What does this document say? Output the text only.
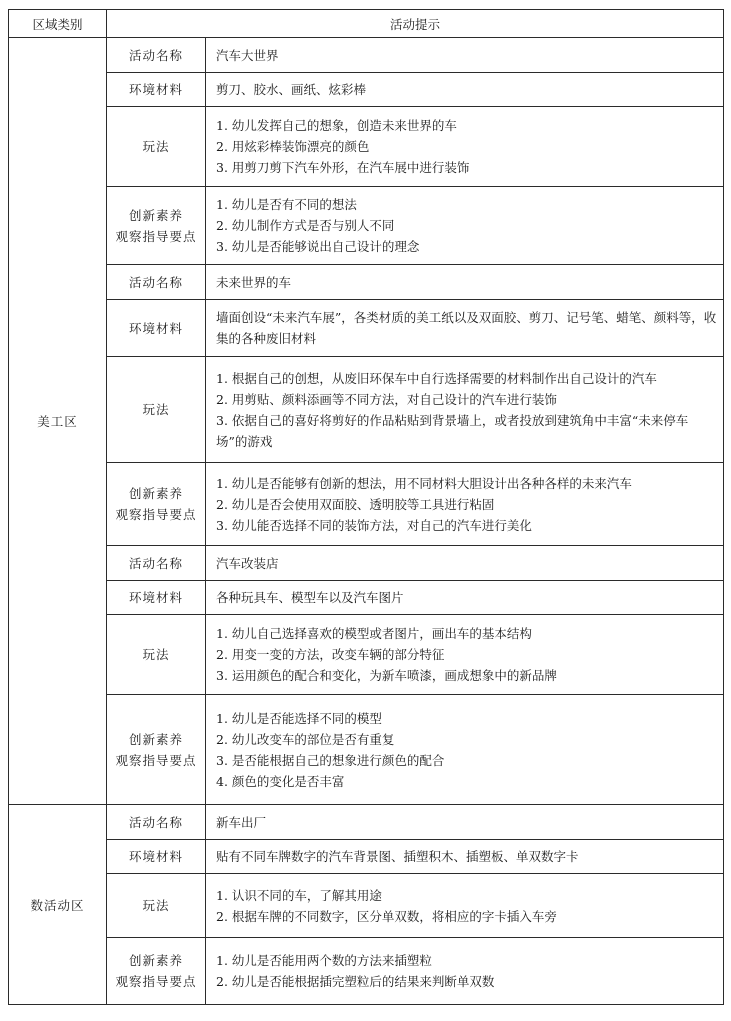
区域类别	活动提示	
美工区	活动名称	汽车大世界

	环境材料	剪刀、胶水、画纸、炫彩棒

	玩法	1. 幼儿发挥自己的想象，创造未来世界的车
2. 用炫彩棒装饰漂亮的颜色
3. 用剪刀剪下汽车外形，在汽车展中进行装饰

	创新素养
观察指导要点	1. 幼儿是否有不同的想法
2. 幼儿制作方式是否与别人不同
3. 幼儿是否能够说出自己设计的理念

	活动名称	未来世界的车

	环境材料	墙面创设“未来汽车展”，各类材质的美工纸以及双面胶、剪刀、记号笔、蜡笔、颜料等，收集的各种废旧材料

	玩法	1. 根据自己的创想，从废旧环保车中自行选择需要的材料制作出自己设计的汽车
2. 用剪贴、颜料添画等不同方法，对自己设计的汽车进行装饰
3. 依据自己的喜好将剪好的作品粘贴到背景墙上，或者投放到建筑角中丰富“未来停车场”的游戏

	创新素养
观察指导要点	1. 幼儿是否能够有创新的想法，用不同材料大胆设计出各种各样的未来汽车
2. 幼儿是否会使用双面胶、透明胶等工具进行粘固
3. 幼儿能否选择不同的装饰方法，对自己的汽车进行美化

	活动名称	汽车改装店

	环境材料	各种玩具车、模型车以及汽车图片

	玩法	1. 幼儿自己选择喜欢的模型或者图片，画出车的基本结构
2. 用变一变的方法，改变车辆的部分特征
3. 运用颜色的配合和变化，为新车喷漆，画成想象中的新品牌

	创新素养
观察指导要点	1. 幼儿是否能选择不同的模型
2. 幼儿改变车的部位是否有重复
3. 是否能根据自己的想象进行颜色的配合
4. 颜色的变化是否丰富

数活动区	活动名称	新车出厂

	环境材料	贴有不同车牌数字的汽车背景图、插塑积木、插塑板、单双数字卡

	玩法	1. 认识不同的车，了解其用途
2. 根据车牌的不同数字，区分单双数，将相应的字卡插入车旁

	创新素养
观察指导要点	1. 幼儿是否能用两个数的方法来插塑粒
2. 幼儿是否能根据插完塑粒后的结果来判断单双数
